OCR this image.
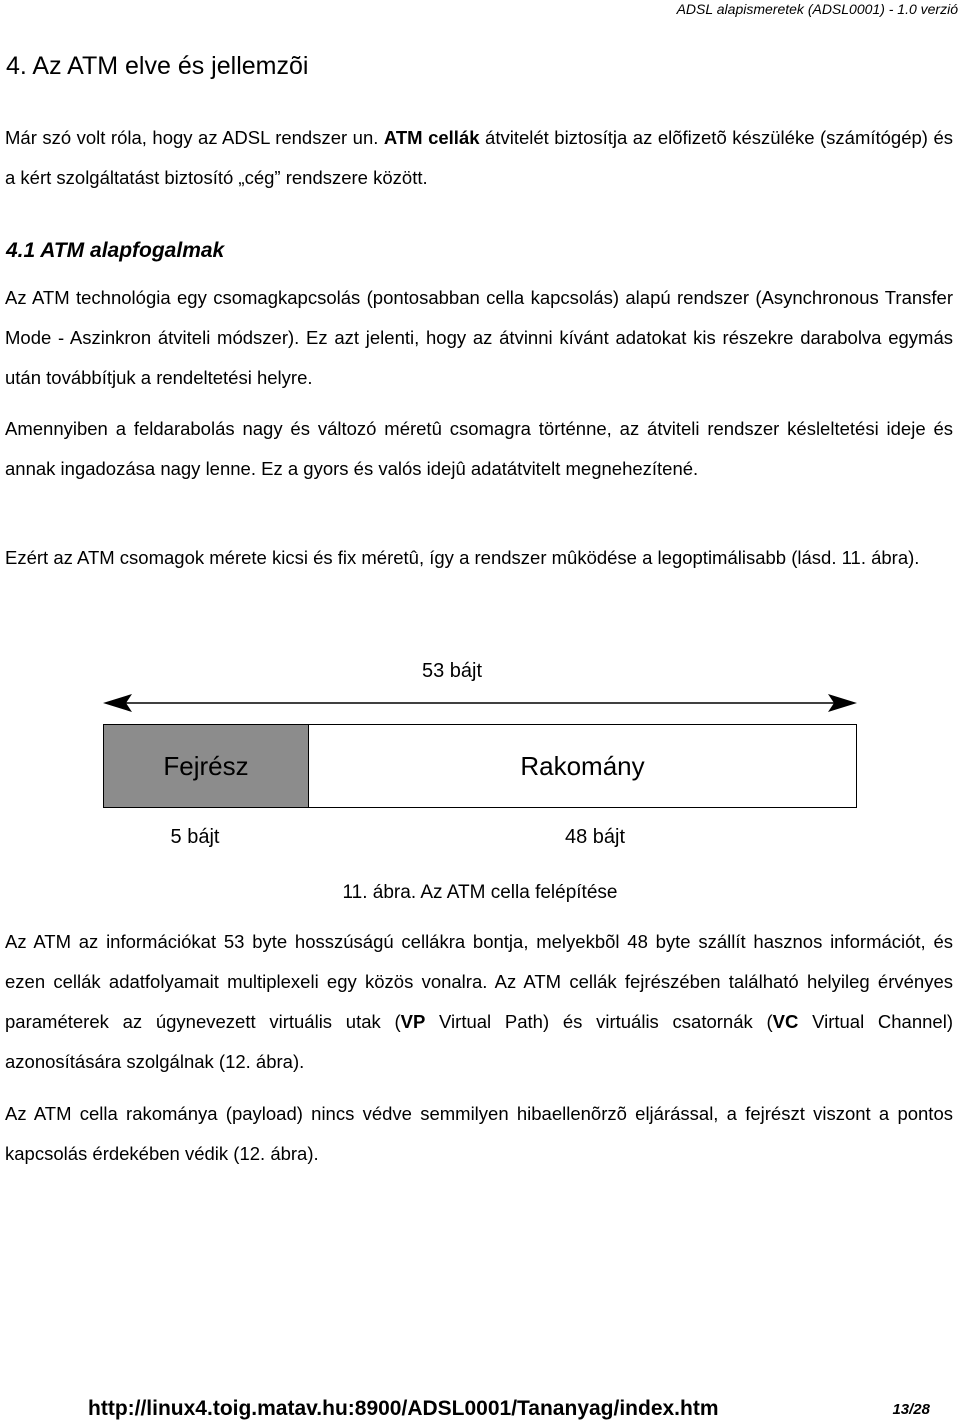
ADSL alapismeretek (ADSL0001) - 1.0 verzió
4. Az ATM elve és jellemzõi

Már szó volt róla, hogy az ADSL rendszer un. ATM cellák átvitelét biztosítja az elõfizetõ készüléke (számítógép) és a kért szolgáltatást biztosító „cég” rendszere között.

4.1 ATM alapfogalmak

Az ATM technológia egy csomagkapcsolás (pontosabban cella kapcsolás) alapú rendszer (Asynchronous Transfer Mode - Aszinkron átviteli módszer). Ez azt jelenti, hogy az átvinni kívánt adatokat kis részekre darabolva egymás után továbbítjuk a rendeltetési helyre.

Amennyiben a feldarabolás nagy és változó méretû csomagra történne, az átviteli rendszer késleltetési ideje és annak ingadozása nagy lenne. Ez a gyors és valós idejû adatátvitelt megnehezítené.

Ezért az ATM csomagok mérete kicsi és fix méretû, így a rendszer mûködése a legoptimálisabb (lásd. 11. ábra).

53 bájt
Fejrész	Rakomány
5 bájt	48 bájt
11. ábra. Az ATM cella felépítése

Az ATM az információkat 53 byte hosszúságú cellákra bontja, melyekbõl 48 byte szállít hasznos információt, és ezen cellák adatfolyamait multiplexeli egy közös vonalra. Az ATM cellák fejrészében található helyileg érvényes paraméterek az úgynevezett virtuális utak (VP Virtual Path) és virtuális csatornák (VC Virtual Channel) azonosítására szolgálnak (12. ábra).

Az ATM cella rakománya (payload) nincs védve semmilyen hibaellenõrzõ eljárással, a fejrészt viszont a pontos kapcsolás érdekében védik (12. ábra).

http://linux4.toig.matav.hu:8900/ADSL0001/Tananyag/index.htm	13/28
